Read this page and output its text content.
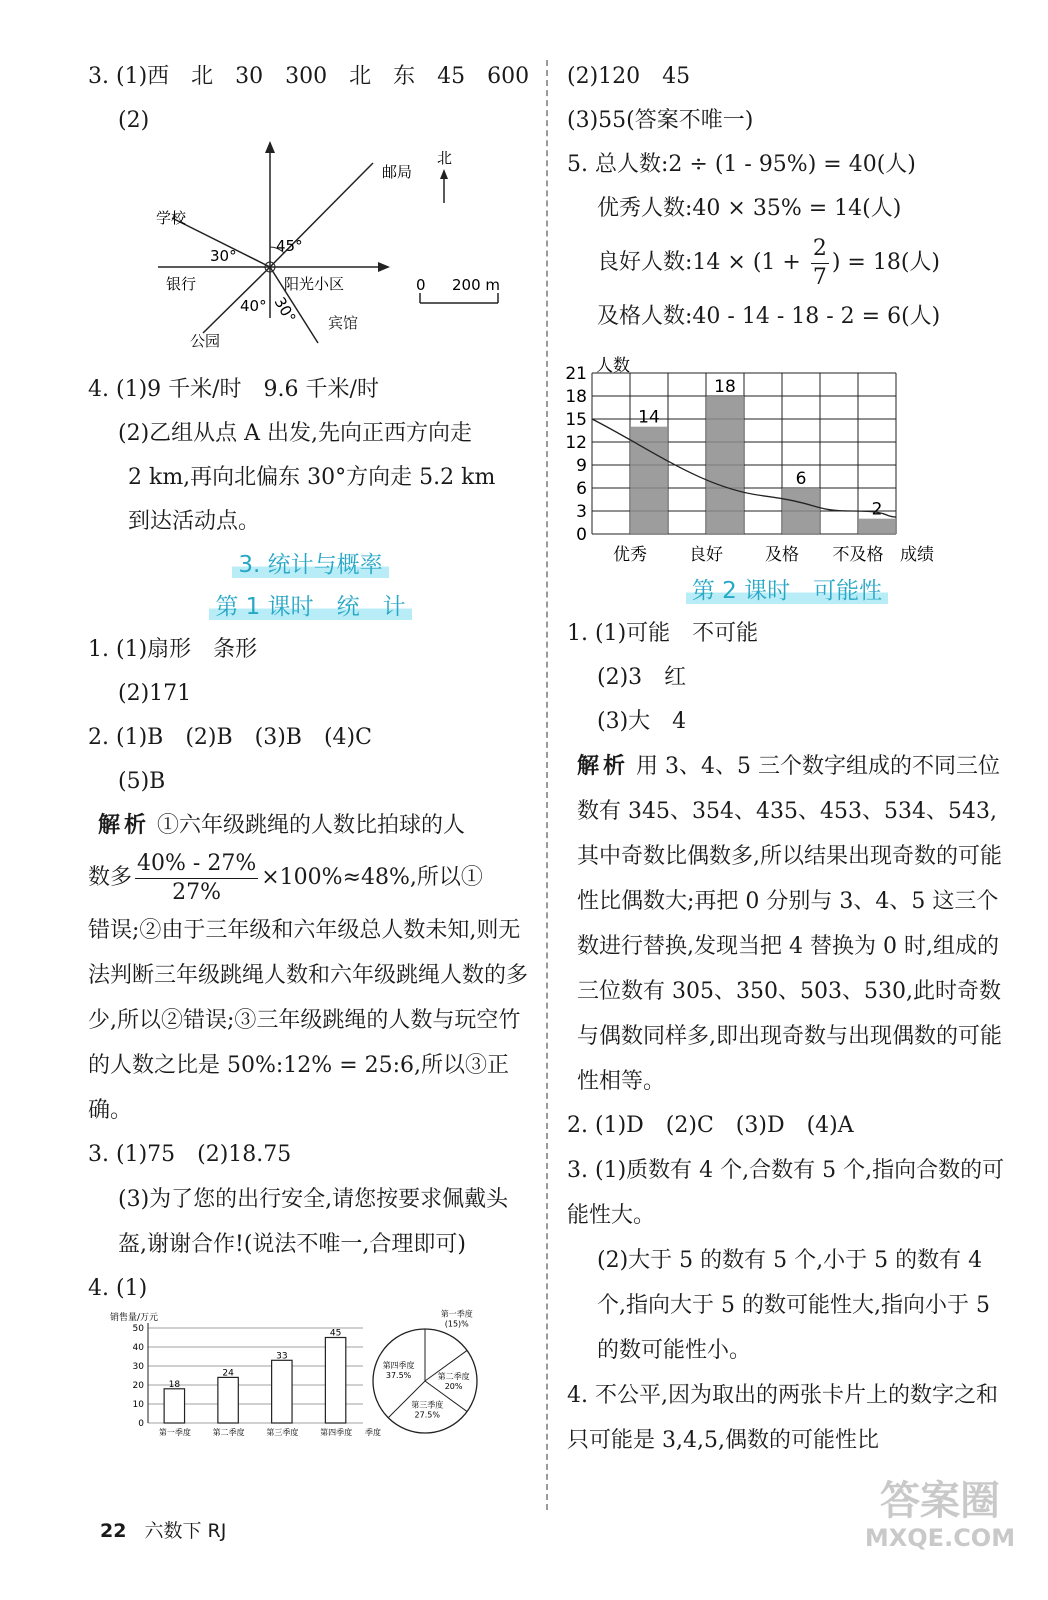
3. (1)西　北　30　300　北　东　45　600
(2)
北
邮局
学校
银行	阳光小区
公园
45°
30°
40° 30°
0 200 m
宾馆
4. (1)9 千米/时　9.6 千米/时
(2)乙组从点 A 出发,先向正西方向走
2 km,再向北偏东 30°方向走 5.2 km
到达活动点。
3. 统计与概率
第 1 课时　统　计
1. (1)扇形　条形
(2)171
2. (1)B　(2)B　(3)B　(4)C
(5)B
解析 ①六年级跳绳的人数比拍球的人
数多 $\frac{40\% - 27\%}{27\%} \times 100\%\approx 48\%$,所以①
错误;②由于三年级和六年级总人数未知,则无法判断三年级跳绳人数和六年级跳绳人数的多少,所以②错误;③三年级跳绳的人数与玩空竹的人数之比是 50%:12% = 25:6,所以③正确。
3. (1)75　(2)18.75
(3)为了您的出行安全,请您按要求佩戴头盔,谢谢合作!(说法不唯一,合理即可)
4. (1)
销售量/万元
0
10
20
30
40
50
18
第一季度
24
第二季度
33
第三季度
45
第四季度 季度
第一季度
(15)%
第二季度
20%
第三季度
27.5%
第四季度
37.5%
(2)120　45
(3)55(答案不唯一)
5. 总人数:2 ÷ (1 - 95%) = 40(人)
优秀人数:40 × 35% = 14(人)
良好人数:14 × ($1 + \frac{2}{7}$ ) = 18(人)
及格人数:40 - 14 - 18 - 2 = 6(人)
0
3
6
9
12
15
18
21 人数
14
优秀
18
良好
6
及格
2
不及格 成绩
第 2 课时　可能性
1. (1)可能　不可能
(2)3　红
(3)大　4
解析 用 3、4、5 三个数字组成的不同三位数有 345、354、435、453、534、543,其中奇数比偶数多,所以结果出现奇数的可能性比偶数大;再把 0 分别与 3、4、5 这三个数进行替换,发现当把 4 替换为 0 时,组成的三位数有 305、350、503、530,此时奇数与偶数同样多,即出现奇数与出现偶数的可能性相等。
2. (1)D　(2)C　(3)D　(4)A
3. (1)质数有 4 个,合数有 5 个,指向合数的可能性大。
(2)大于 5 的数有 5 个,小于 5 的数有 4 个,指向大于 5 的数可能性大,指向小于 5 的数可能性小。
4. 不公平,因为取出的两张卡片上的数字之和只可能是 3,4,5,偶数的可能性比
22 六数下 RJ
答案圈
MXQE.COM
